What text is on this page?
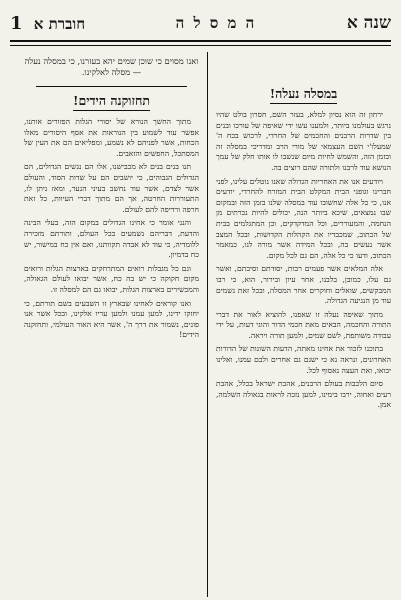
שנה א
ה מ ס ל ה
חוברת א 1
במסלה נעלה!

ירחון זה הוא נסיון למלא, בעזר השם, חסרון בולט שהיו נרגש בעולמנו ביותר, ולמענו עשו ידי שאיפה של עורכו ובנים בין שדרות הרבנים והחכמים של החרדי, לרכוש בכח ה' שמעלו'י השם העצמאי של מורי הרב ומדריכי במסלה זה ובזמן הזה, והשמש לחיות מיום שנשבו לו אותו חלק של עמך הנושא עוד לרבנו ולתורה שהם רוצים בה.

ויודעים אנו את האחריות הגדולה שאנו נוטלים עלינו, לפני חברינו וגופני הבית המקלט הבית המזרח להחרדי, יודעים אנו, כי כל אלה שחשובו עוד במסלה שלנו בזמן הזה ובמקום שבו נמצאים, שיכא ביותר הנה, יכולים להיות נכרתים מן הנחמה, והמעוררים, וכל המדקדקים, וכן המתגלמים בבית של הכתוב, שמכבדיו את הקהלות הקדושות, ובכל המצב אשר נעשים בה, ובכל המידה אשר מורה לנו, כמאמר הכתוב, ודעו כי כל אלה, הם גם לכל מקום.

אלה המלאים אשר פעמים רבות, יסודתם וסיבתם, ואשר גם עלו, כמובן, בלבנו, אחר עיון ובירור, הוא, כי רבו המבקשים, שואלים וחוקרים אחר המסלה, ובכל זאת נשמים עוד מן הנגיעה הגדולה.

מתוך שאיפה נעלה זו שאפנו, להוציא לאור את דברי התורה והחכמה, הבאים מאת חכמי הדור והוגי דעות, על ידי עבודה משותפת, לשם שמים, ולמען תורה ויראה.

בתוכנו לזכור את אחינו מאתה, הדעות השונות של הדורות האחרונים, ונראה נא כי ישנם גם אחרים ולבם עמנו, ואלינו יבואו, ואת העצה נאסוף לכל.

סיום הלכבות בעולם הרבנים, אהבת ישראל בכלל, אהבת רעים ואחוה, ירבו בימינו, למען נזכה לראות בגאולה השלמה, אמן.

ואנו מסוים כי שוכן שמים יהא בעזרנו, כי במסלה נעלה — מסלה לאלקינו.
תחזוקנה הידים!

מתוך החשך הנורא של יסורי הגלות הפזורים אותנו, אפשר עוד לשמוע בין הנוראות את אסף היסורים מאלו הכחות, אשר לפניהם לא נשמע, ומפליאים הם את העין של המסתכל, החפשים והזאבים.

תנו בנים בנים לא מכבישנו, אלו הם נגשים הגדולים, הם הגדולים הגבוהים, כי יושבים הם על שדות הסוד, והעולם אשר לצדם, אשר עוד נחשב בעיני הנער, ומאז ניתן לו, התעוררות החרטה, אך הם מתוך דברי העיוות, כל זאת חרפה ורדיפה להם לעולם.

והנני אומר כי אחינו הגדולים במקום הזה, בעלי הבינה והדעת, דבריהם נשמעים בכל העולם, ותורתם מזכירה ללומדיה, כי עוד לא אבדה תקוותנו, ואם אין כח במישור, יש כח בדמיון.

וגם כל מגבלות רואים המתרחקים בארצות הגלות ורואים מקום חקוקה כי יש בה כח, אשר יבואו לעולם הגאולה, והמכשירים בארצות הגלות, יבואו גם הם למסלה זו.

ואנו קוראים לאחינו שבארץ זו השבעים בשם תורתם, כי יחזקו ידינו, למען עמנו ולמען עריו אלקינו, ובכל אשר אנו פונים, נשמור את דרך ה', אשר היא האור העולמי, ותחזקנה הידים!
